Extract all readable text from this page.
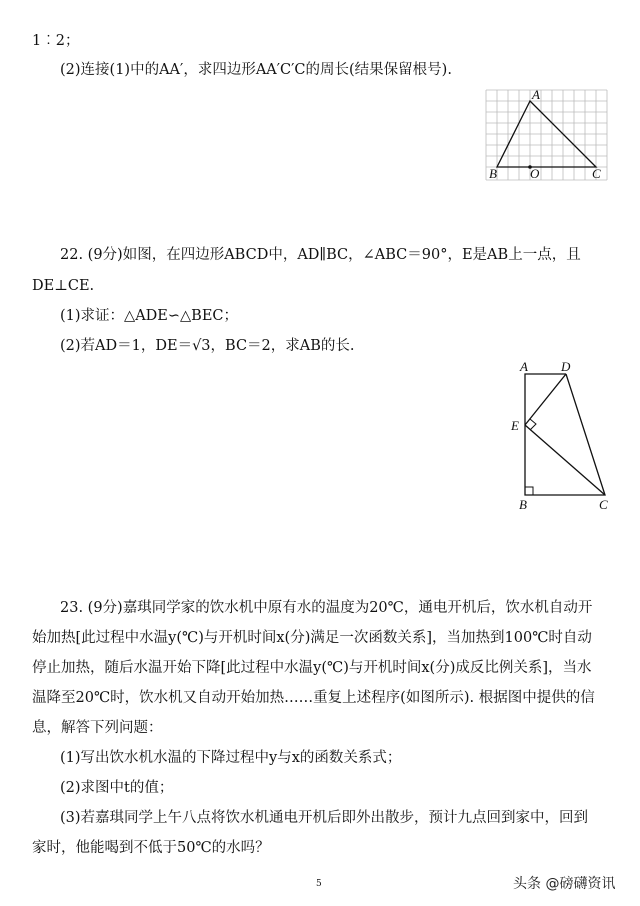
1︰2；
(2)连接(1)中的AA′，求四边形AA′C′C的周长(结果保留根号).
A
B	O	C
22. (9分)如图，在四边形ABCD中，AD∥BC，∠ABC＝90°，E是AB上一点，且
DE⊥CE.
(1)求证：△ADE∽△BEC；
(2)若AD＝1，DE＝√3，BC＝2，求AB的长.
A	D
E
B	C
23. (9分)嘉琪同学家的饮水机中原有水的温度为20℃，通电开机后，饮水机自动开
始加热[此过程中水温y(℃)与开机时间x(分)满足一次函数关系]，当加热到100℃时自动
停止加热，随后水温开始下降[此过程中水温y(℃)与开机时间x(分)成反比例关系]，当水
温降至20℃时，饮水机又自动开始加热……重复上述程序(如图所示). 根据图中提供的信
息，解答下列问题：
(1)写出饮水机水温的下降过程中y与x的函数关系式；
(2)求图中t的值；
(3)若嘉琪同学上午八点将饮水机通电开机后即外出散步，预计九点回到家中，回到
家时，他能喝到不低于50℃的水吗？
5	头条 @磅礴资讯
